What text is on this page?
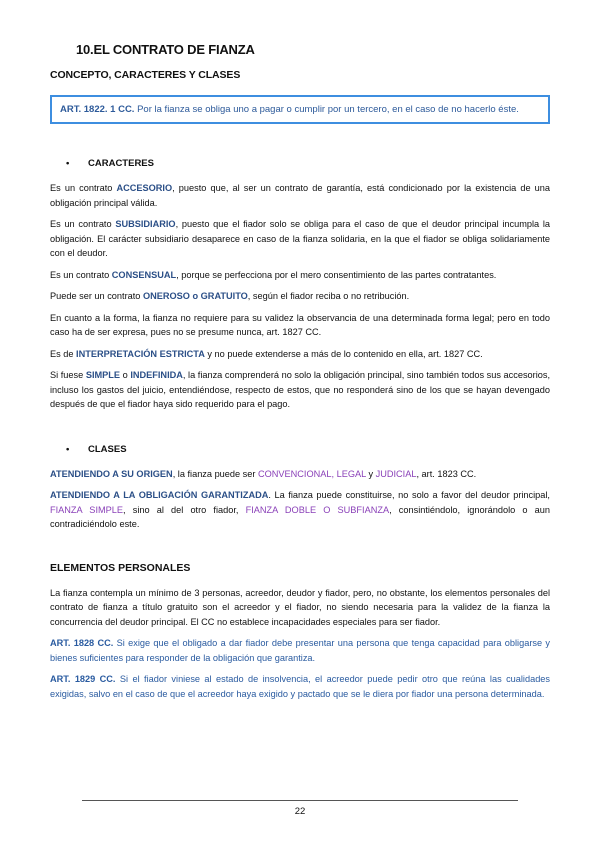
10.EL CONTRATO DE FIANZA
CONCEPTO, CARACTERES Y CLASES
ART. 1822. 1 CC. Por la fianza se obliga uno a pagar o cumplir por un tercero, en el caso de no hacerlo éste.
• CARACTERES

Es un contrato ACCESORIO, puesto que, al ser un contrato de garantía, está condicionado por la existencia de una obligación principal válida.

Es un contrato SUBSIDIARIO, puesto que el fiador solo se obliga para el caso de que el deudor principal incumpla la obligación. El carácter subsidiario desaparece en caso de la fianza solidaria, en la que el fiador se obliga solidariamente con el deudor.

Es un contrato CONSENSUAL, porque se perfecciona por el mero consentimiento de las partes contratantes.

Puede ser un contrato ONEROSO o GRATUITO, según el fiador reciba o no retribución.

En cuanto a la forma, la fianza no requiere para su validez la observancia de una determinada forma legal; pero en todo caso ha de ser expresa, pues no se presume nunca, art. 1827 CC.

Es de INTERPRETACIÓN ESTRICTA y no puede extenderse a más de lo contenido en ella, art. 1827 CC.

Si fuese SIMPLE o INDEFINIDA, la fianza comprenderá no solo la obligación principal, sino también todos sus accesorios, incluso los gastos del juicio, entendiéndose, respecto de estos, que no responderá sino de los que se hayan devengado después de que el fiador haya sido requerido para el pago.

• CLASES

ATENDIENDO A SU ORIGEN, la fianza puede ser CONVENCIONAL, LEGAL y JUDICIAL, art. 1823 CC.

ATENDIENDO A LA OBLIGACIÓN GARANTIZADA. La fianza puede constituirse, no solo a favor del deudor principal, FIANZA SIMPLE, sino al del otro fiador, FIANZA DOBLE O SUBFIANZA, consintiéndolo, ignorándolo o aun contradiciéndolo este.

ELEMENTOS PERSONALES

La fianza contempla un mínimo de 3 personas, acreedor, deudor y fiador, pero, no obstante, los elementos personales del contrato de fianza a título gratuito son el acreedor y el fiador, no siendo necesaria para la validez de la fianza la concurrencia del deudor principal. El CC no establece incapacidades especiales para ser fiador.

ART. 1828 CC. Si exige que el obligado a dar fiador debe presentar una persona que tenga capacidad para obligarse y bienes suficientes para responder de la obligación que garantiza.

ART. 1829 CC. Si el fiador viniese al estado de insolvencia, el acreedor puede pedir otro que reúna las cualidades exigidas, salvo en el caso de que el acreedor haya exigido y pactado que se le diera por fiador una persona determinada.

22
